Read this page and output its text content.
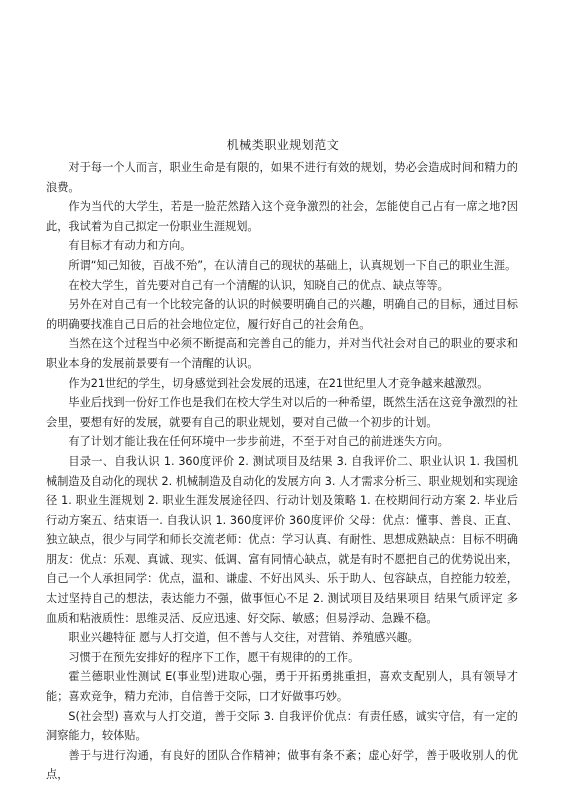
机械类职业规划范文

对于每一个人而言，职业生命是有限的，如果不进行有效的规划，势必会造成时间和精力的浪费。

作为当代的大学生，若是一脸茫然踏入这个竞争激烈的社会，怎能使自己占有一席之地?因此，我试着为自己拟定一份职业生涯规划。

有目标才有动力和方向。

所谓“知己知彼，百战不殆”，在认清自己的现状的基础上，认真规划一下自己的职业生涯。

在校大学生，首先要对自己有一个清醒的认识，知晓自己的优点、缺点等等。

另外在对自己有一个比较完备的认识的时候要明确自己的兴趣，明确自己的目标，通过目标的明确要找准自己日后的社会地位定位，履行好自己的社会角色。

当然在这个过程当中必须不断提高和完善自己的能力，并对当代社会对自己的职业的要求和职业本身的发展前景要有一个清醒的认识。

作为21世纪的学生，切身感觉到社会发展的迅速，在21世纪里人才竞争越来越激烈。

毕业后找到一份好工作也是我们在校大学生对以后的一种希望，既然生活在这竞争激烈的社会里，要想有好的发展，就要有自己的职业规划，要对自己做一个初步的计划。

有了计划才能让我在任何环境中一步步前进，不至于对自己的前进迷失方向。

目录一、自我认识 1. 360度评价 2. 测试项目及结果 3. 自我评价二、职业认识 1. 我国机械制造及自动化的现状 2. 机械制造及自动化的发展方向 3. 人才需求分析三、职业规划和实现途径 1. 职业生涯规划 2. 职业生涯发展途径四、行动计划及策略 1. 在校期间行动方案 2. 毕业后行动方案五、结束语一. 自我认识 1. 360度评价 360度评价 父母：优点：懂事、善良、正直、独立缺点，很少与同学和师长交流老师：优点：学习认真、有耐性、思想成熟缺点：目标不明确朋友：优点：乐观、真诚、现实、低调、富有同情心缺点，就是有时不愿把自己的优势说出来，自己一个人承担同学：优点，温和、谦虚、不好出风头、乐于助人、包容缺点，自控能力较差，太过坚持自己的想法，表达能力不强，做事恒心不足 2. 测试项目及结果项目 结果气质评定 多血质和粘液质性：思维灵活、反应迅速、好交际、敏感；但易浮动、急躁不稳。

职业兴趣特征 愿与人打交道，但不善与人交往，对营销、养殖感兴趣。

习惯于在预先安排好的程序下工作，愿干有规律的的工作。

霍兰德职业性测试 E(事业型)进取心强，勇于开拓勇挑重担，喜欢支配别人，具有领导才能；喜欢竞争，精力充沛，自信善于交际，口才好做事巧妙。

S(社会型) 喜欢与人打交道，善于交际 3. 自我评价优点：有责任感，诚实守信，有一定的洞察能力，较体贴。

善于与进行沟通，有良好的团队合作精神；做事有条不紊；虚心好学，善于吸收别人的优点，
